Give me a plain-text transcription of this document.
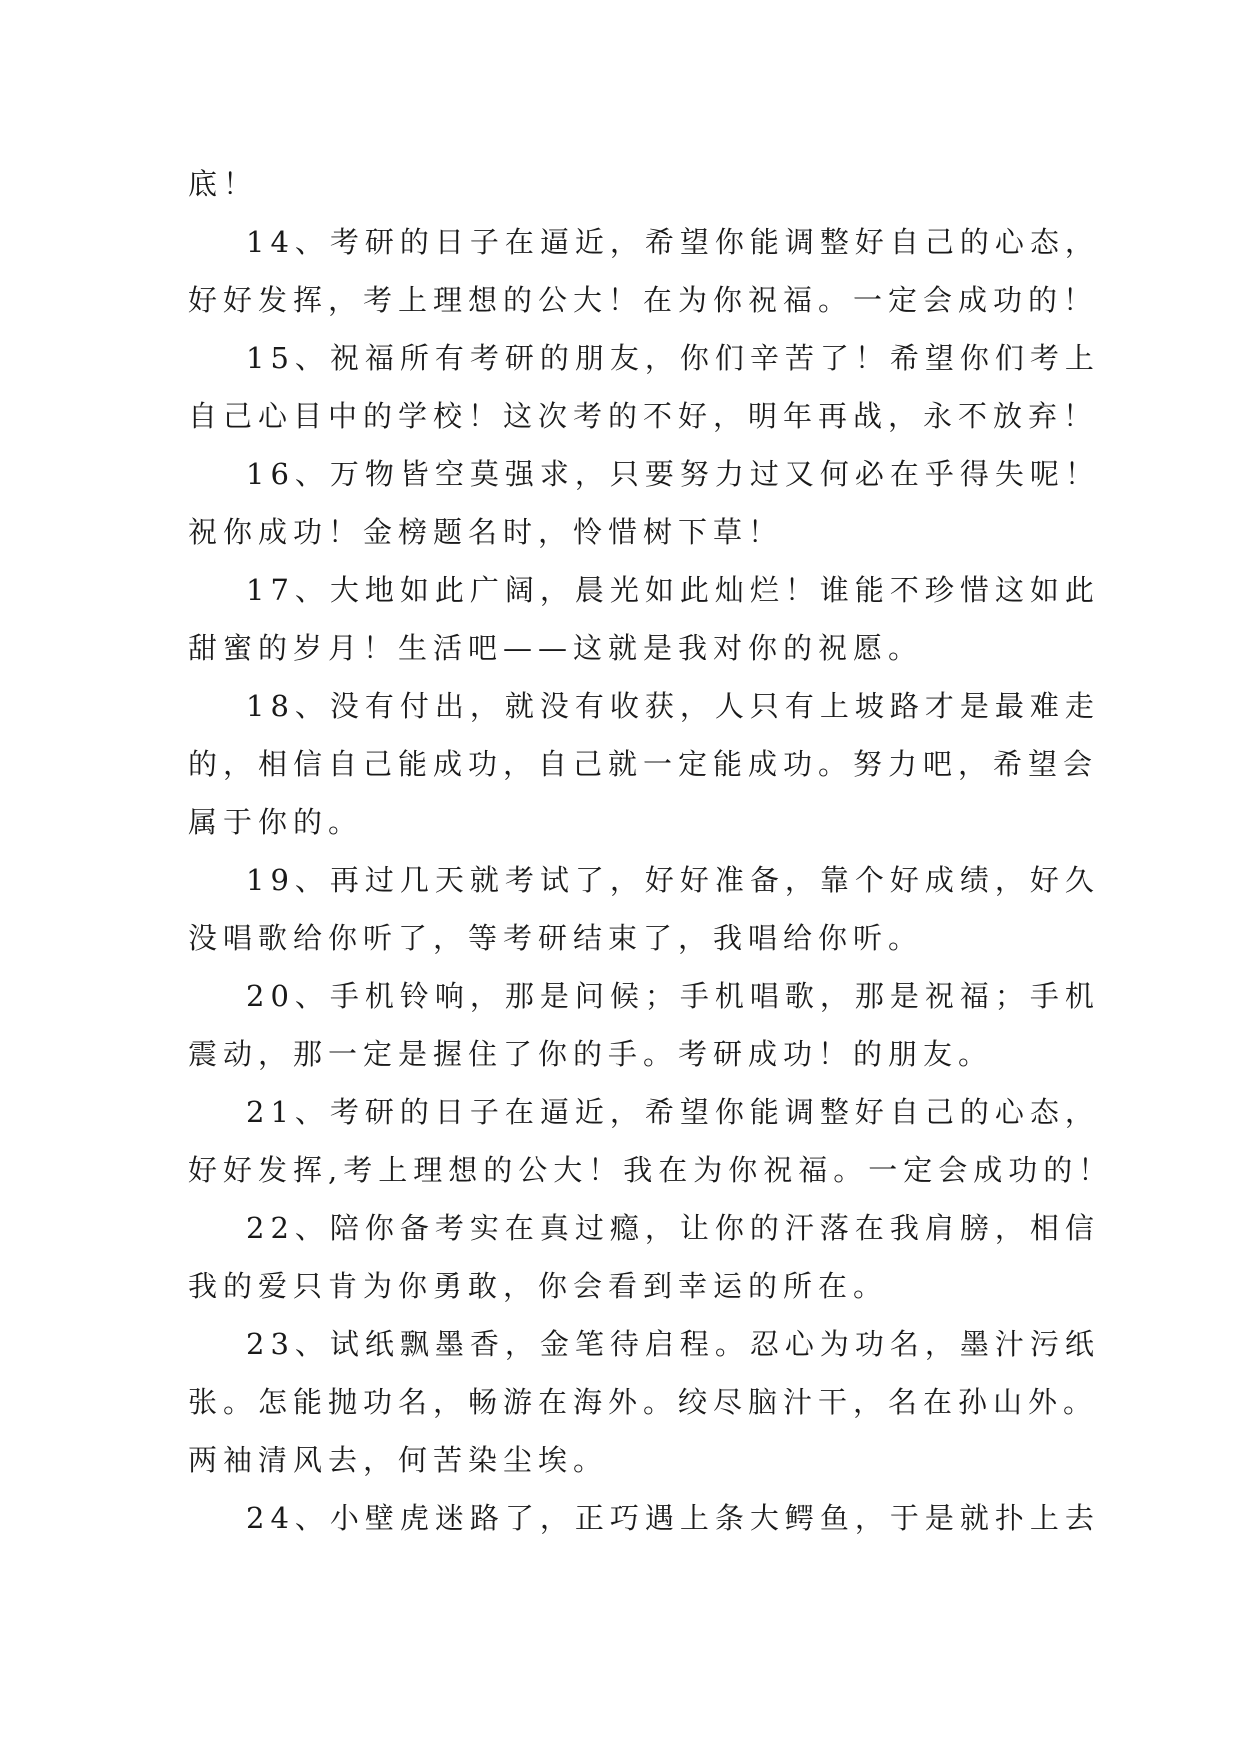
底！
14、考研的日子在逼近，希望你能调整好自己的心态，
好好发挥，考上理想的公大！在为你祝福。一定会成功的！
15、祝福所有考研的朋友，你们辛苦了！希望你们考上
自己心目中的学校！这次考的不好，明年再战，永不放弃！
16、万物皆空莫强求，只要努力过又何必在乎得失呢！
祝你成功！金榜题名时，怜惜树下草！
17、大地如此广阔，晨光如此灿烂！谁能不珍惜这如此
甜蜜的岁月！生活吧——这就是我对你的祝愿。
18、没有付出，就没有收获，人只有上坡路才是最难走
的，相信自己能成功，自己就一定能成功。努力吧，希望会
属于你的。
19、再过几天就考试了，好好准备，靠个好成绩，好久
没唱歌给你听了，等考研结束了，我唱给你听。
20、手机铃响，那是问候；手机唱歌，那是祝福；手机
震动，那一定是握住了你的手。考研成功！的朋友。
21、考研的日子在逼近，希望你能调整好自己的心态，
好好发挥,考上理想的公大！我在为你祝福。一定会成功的！
22、陪你备考实在真过瘾，让你的汗落在我肩膀，相信
我的爱只肯为你勇敢，你会看到幸运的所在。
23、试纸飘墨香，金笔待启程。忍心为功名，墨汁污纸
张。怎能抛功名，畅游在海外。绞尽脑汁干，名在孙山外。
两袖清风去，何苦染尘埃。
24、小壁虎迷路了，正巧遇上条大鳄鱼，于是就扑上去
